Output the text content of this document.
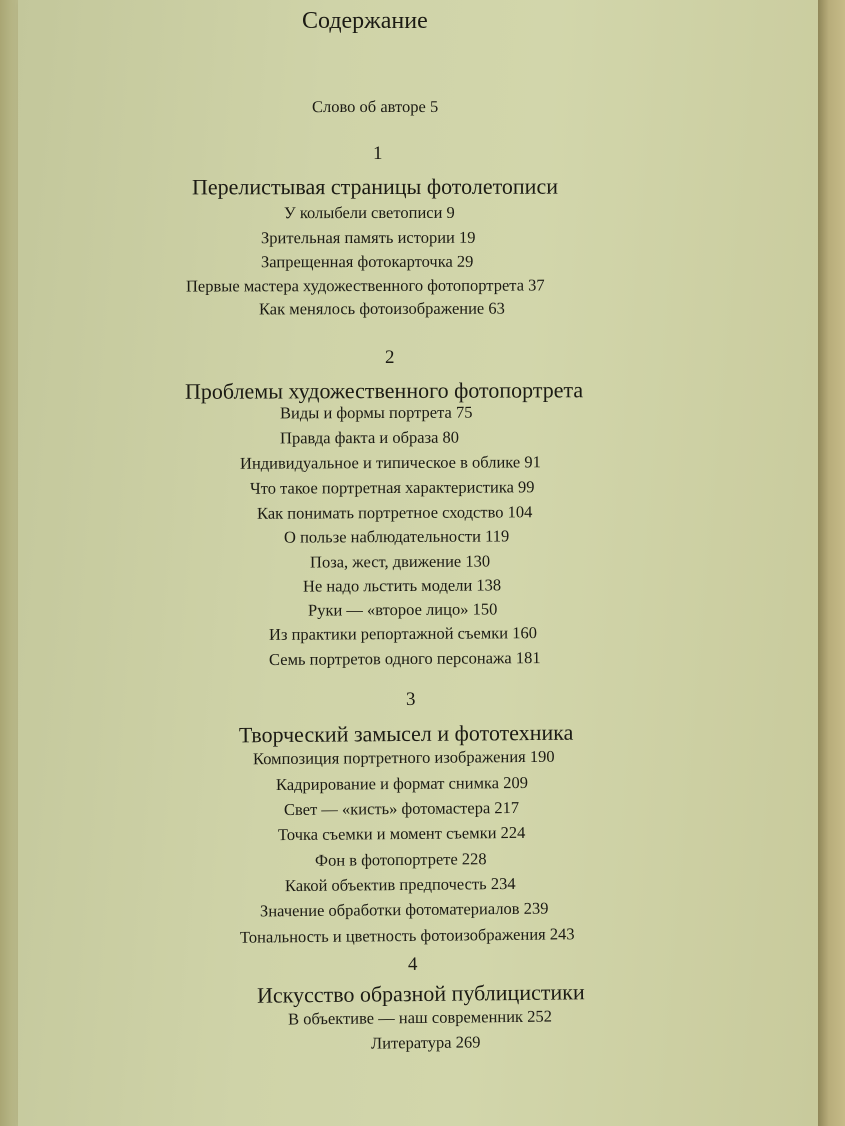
Содержание
Слово об авторе 5
1
Перелистывая страницы фотолетописи
У колыбели светописи 9
Зрительная память истории 19
Запрещенная фотокарточка 29
Первые мастера художественного фотопортрета 37
Как менялось фотоизображение 63
2
Проблемы художественного фотопортрета
Виды и формы портрета 75
Правда факта и образа 80
Индивидуальное и типическое в облике 91
Что такое портретная характеристика 99
Как понимать портретное сходство 104
О пользе наблюдательности 119
Поза, жест, движение 130
Не надо льстить модели 138
Руки — «второе лицо» 150
Из практики репортажной съемки 160
Семь портретов одного персонажа 181
3
Творческий замысел и фототехника
Композиция портретного изображения 190
Кадрирование и формат снимка 209
Свет — «кисть» фотомастера 217
Точка съемки и момент съемки 224
Фон в фотопортрете 228
Какой объектив предпочесть 234
Значение обработки фотоматериалов 239
Тональность и цветность фотоизображения 243
4
Искусство образной публицистики
В объективе — наш современник 252
Литература 269
